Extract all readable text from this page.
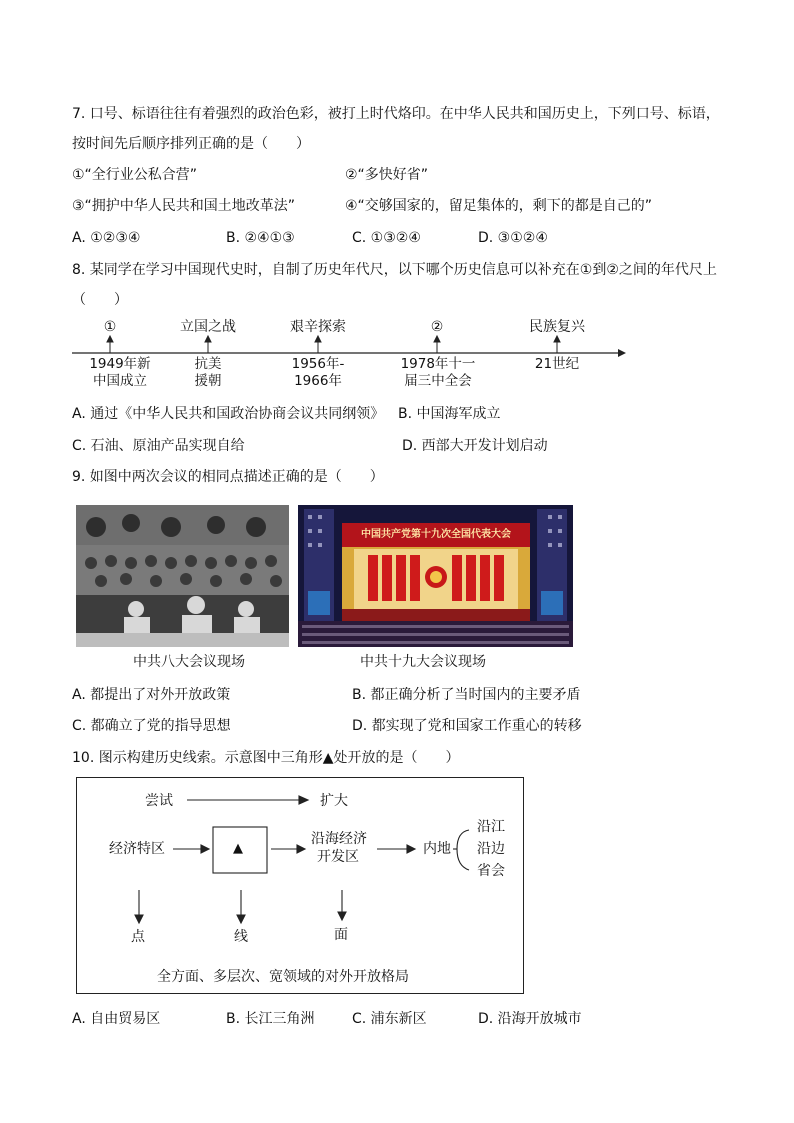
7. 口号、标语往往有着强烈的政治色彩，被打上时代烙印。在中华人民共和国历史上，下列口号、标语，
按时间先后顺序排列正确的是（　　）
①“全行业公私合营”	②“多快好省”
③“拥护中华人民共和国土地改革法”	④“交够国家的，留足集体的，剩下的都是自己的”
A. ①②③④	B. ②④①③	C. ①③②④	D. ③①②④
8. 某同学在学习中国现代史时，自制了历史年代尺，以下哪个历史信息可以补充在①到②之间的年代尺上
（　　）
①	立国之战	艰辛探索	②	民族复兴
1949年新
中国成立
抗美
援朝
1956年-
1966年
1978年十一
届三中全会
21世纪
A. 通过《中华人民共和国政治协商会议共同纲领》 B. 中国海军成立
C. 石油、原油产品实现自给	D. 西部大开发计划启动
9. 如图中两次会议的相同点描述正确的是（　　）
中国共产党第十九次全国代表大会
中共八大会议现场	中共十九大会议现场
A. 都提出了对外开放政策	B. 都正确分析了当时国内的主要矛盾
C. 都确立了党的指导思想	D. 都实现了党和国家工作重心的转移
10. 图示构建历史线索。示意图中三角形▲处开放的是（　　）
尝试	扩大
经济特区	▲
沿海经济
开发区	内地
沿江
沿边
省会
点	线	面
全方面、多层次、宽领域的对外开放格局
A. 自由贸易区	B. 长江三角洲	C. 浦东新区	D. 沿海开放城市
